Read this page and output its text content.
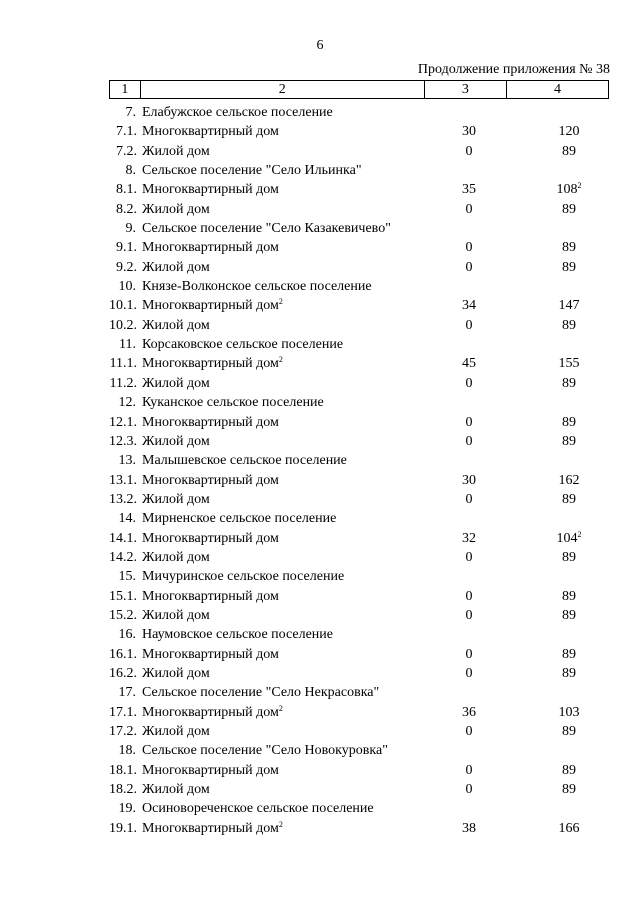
6
Продолжение приложения № 38
1	2	3	4
7. Елабужское сельское поселение
7.1. Многоквартирный дом	30	120
7.2. Жилой дом	0	89
8. Сельское поселение "Село Ильинка"
8.1. Многоквартирный дом	35	$108^2$
8.2. Жилой дом	0	89
9. Сельское поселение "Село Казакевичево"
9.1. Многоквартирный дом	0	89
9.2. Жилой дом	0	89
10. Князе-Волконское сельское поселение
10.1. Многоквартирный дом$^2$	34	147
10.2. Жилой дом	0	89
11. Корсаковское сельское поселение
11.1. Многоквартирный дом$^2$	45	155
11.2. Жилой дом	0	89
12. Куканское сельское поселение
12.1. Многоквартирный дом	0	89
12.3. Жилой дом	0	89
13. Малышевское сельское поселение
13.1. Многоквартирный дом	30	162
13.2. Жилой дом	0	89
14. Мирненское сельское поселение
14.1. Многоквартирный дом	32	$104^2$
14.2. Жилой дом	0	89
15. Мичуринское сельское поселение
15.1. Многоквартирный дом	0	89
15.2. Жилой дом	0	89
16. Наумовское сельское поселение
16.1. Многоквартирный дом	0	89
16.2. Жилой дом	0	89
17. Сельское поселение "Село Некрасовка"
17.1. Многоквартирный дом$^2$	36	103
17.2. Жилой дом	0	89
18. Сельское поселение "Село Новокуровка"
18.1. Многоквартирный дом	0	89
18.2. Жилой дом	0	89
19. Осиновореченское сельское поселение
19.1. Многоквартирный дом$^2$	38	166
